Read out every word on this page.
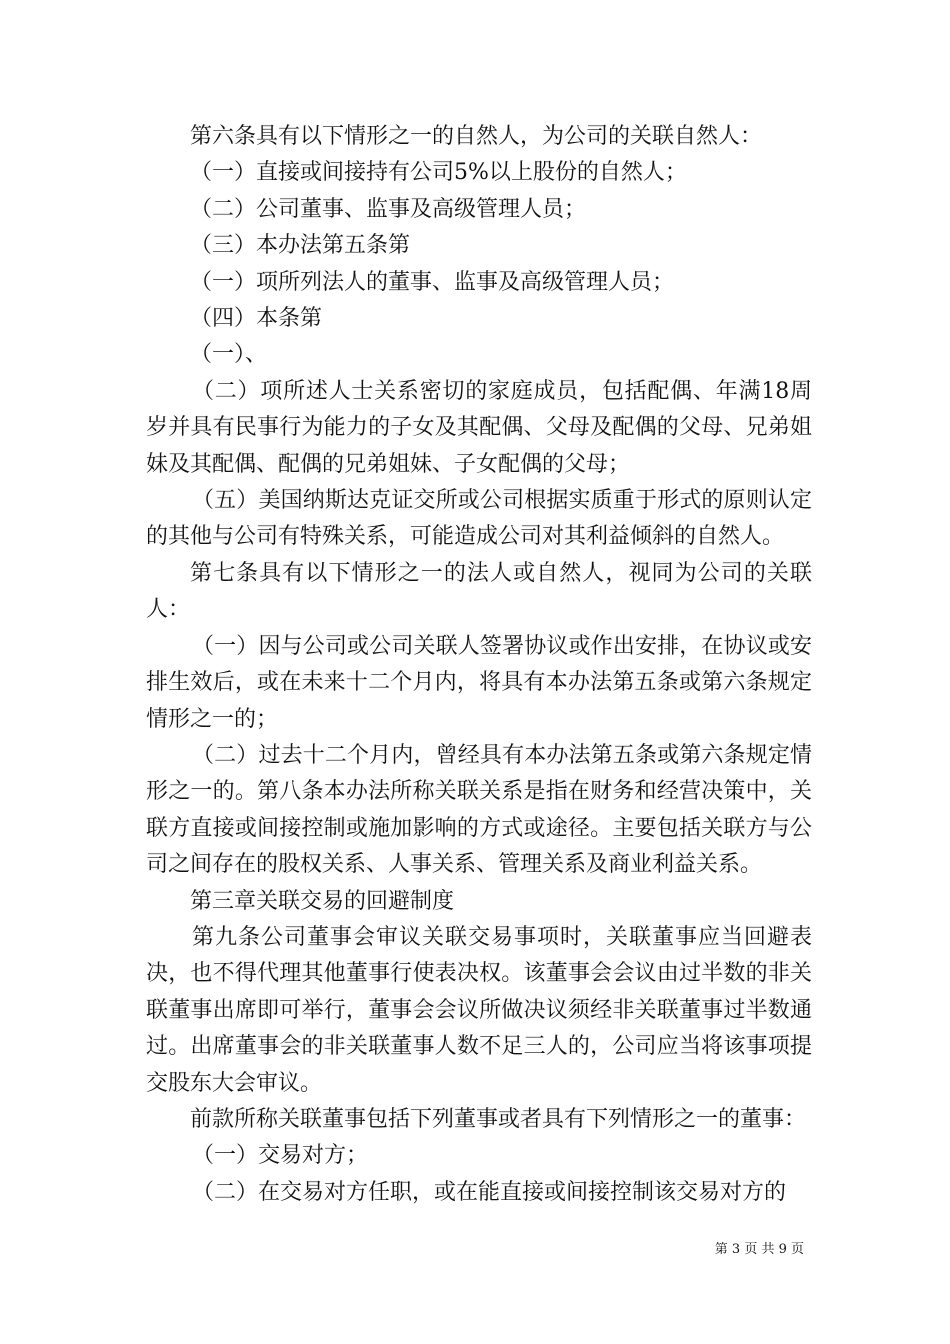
第六条具有以下情形之一的自然人，为公司的关联自然人：

（一）直接或间接持有公司5%以上股份的自然人；

（二）公司董事、监事及高级管理人员；

（三）本办法第五条第

（一）项所列法人的董事、监事及高级管理人员；

（四）本条第

（一）、

（二）项所述人士关系密切的家庭成员，包括配偶、年满18周岁并具有民事行为能力的子女及其配偶、父母及配偶的父母、兄弟姐妹及其配偶、配偶的兄弟姐妹、子女配偶的父母；

（五）美国纳斯达克证交所或公司根据实质重于形式的原则认定的其他与公司有特殊关系，可能造成公司对其利益倾斜的自然人。

第七条具有以下情形之一的法人或自然人，视同为公司的关联人：

（一）因与公司或公司关联人签署协议或作出安排，在协议或安排生效后，或在未来十二个月内，将具有本办法第五条或第六条规定情形之一的；

（二）过去十二个月内，曾经具有本办法第五条或第六条规定情形之一的。第八条本办法所称关联关系是指在财务和经营决策中，关联方直接或间接控制或施加影响的方式或途径。主要包括关联方与公司之间存在的股权关系、人事关系、管理关系及商业利益关系。

第三章关联交易的回避制度

第九条公司董事会审议关联交易事项时，关联董事应当回避表决，也不得代理其他董事行使表决权。该董事会会议由过半数的非关联董事出席即可举行，董事会会议所做决议须经非关联董事过半数通过。出席董事会的非关联董事人数不足三人的，公司应当将该事项提交股东大会审议。

前款所称关联董事包括下列董事或者具有下列情形之一的董事：

（一）交易对方；

（二）在交易对方任职，或在能直接或间接控制该交易对方的

第 3 页 共 9 页
